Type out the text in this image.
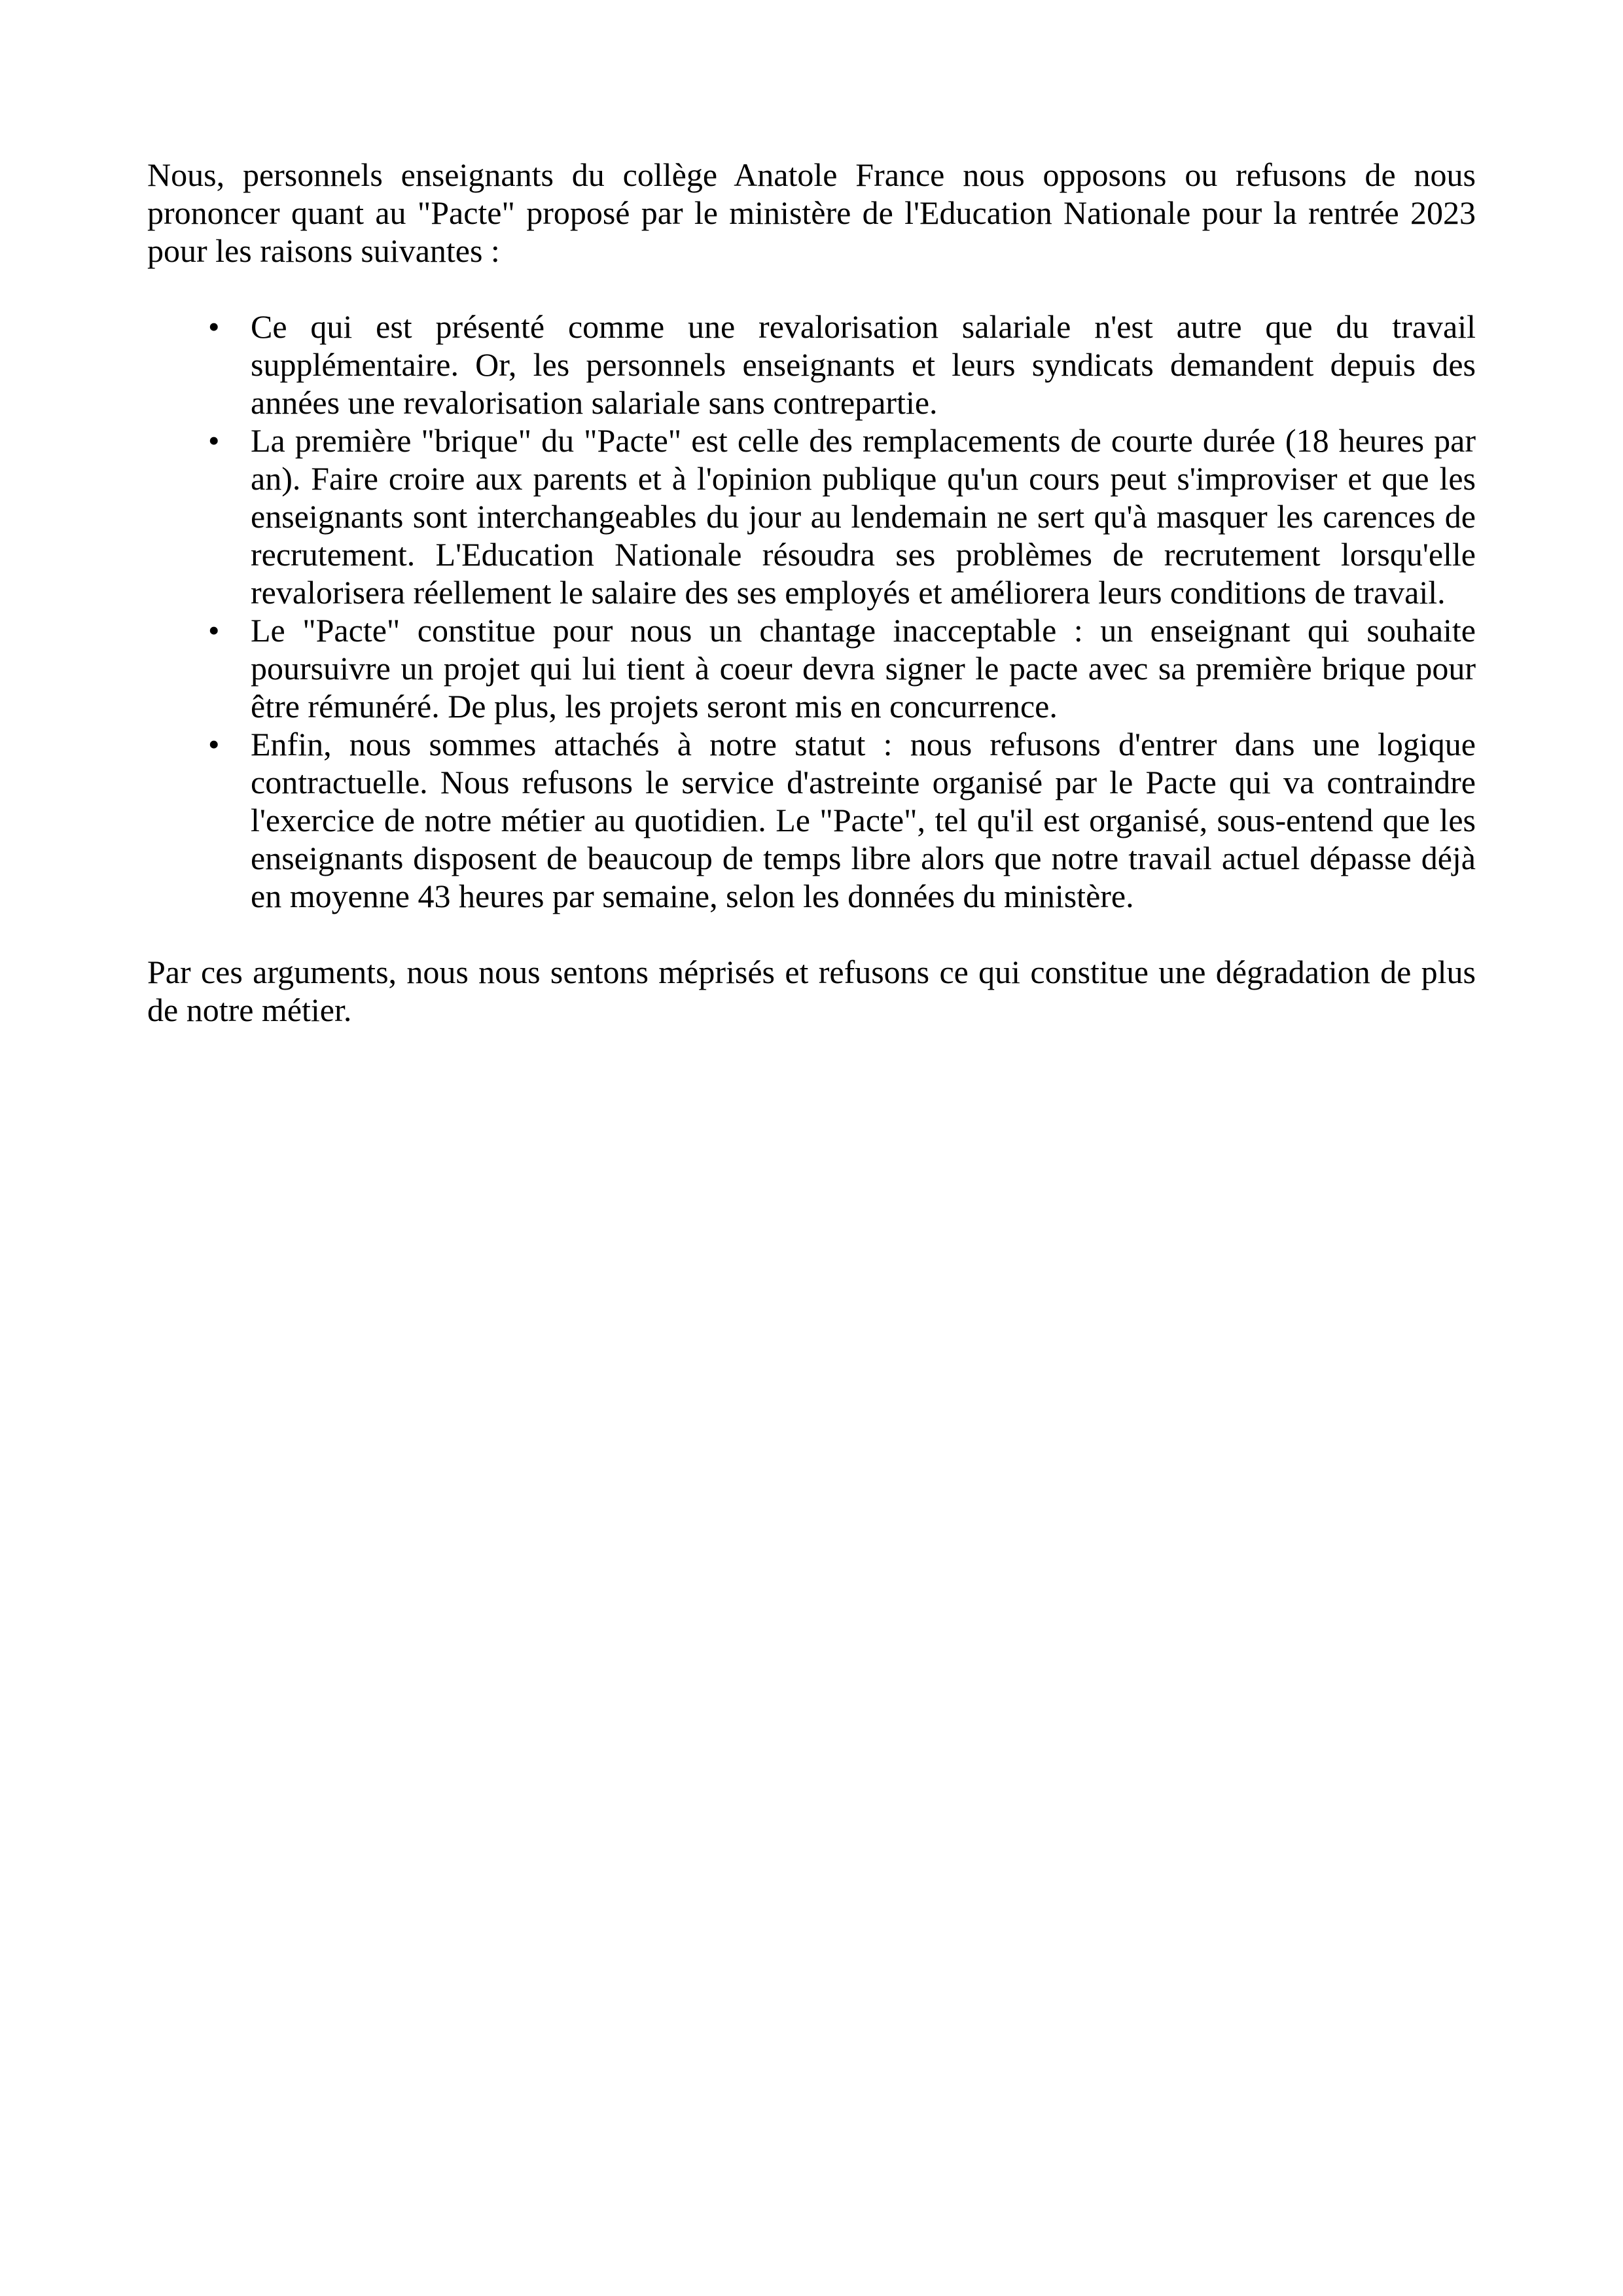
Nous, personnels enseignants du collège Anatole France nous opposons ou refusons de nous prononcer quant au "Pacte" proposé par le ministère de l'Education Nationale pour la rentrée 2023 pour les raisons suivantes :

• Ce qui est présenté comme une revalorisation salariale n'est autre que du travail supplémentaire. Or, les personnels enseignants et leurs syndicats demandent depuis des années une revalorisation salariale sans contrepartie.
• La première "brique" du "Pacte" est celle des remplacements de courte durée (18 heures par an). Faire croire aux parents et à l'opinion publique qu'un cours peut s'improviser et que les enseignants sont interchangeables du jour au lendemain ne sert qu'à masquer les carences de recrutement. L'Education Nationale résoudra ses problèmes de recrutement lorsqu'elle revalorisera réellement le salaire des ses employés et améliorera leurs conditions de travail.
• Le "Pacte" constitue pour nous un chantage inacceptable : un enseignant qui souhaite poursuivre un projet qui lui tient à coeur devra signer le pacte avec sa première brique pour être rémunéré. De plus, les projets seront mis en concurrence.
• Enfin, nous sommes attachés à notre statut : nous refusons d'entrer dans une logique contractuelle. Nous refusons le service d'astreinte organisé par le Pacte qui va contraindre l'exercice de notre métier au quotidien. Le "Pacte", tel qu'il est organisé, sous-entend que les enseignants disposent de beaucoup de temps libre alors que notre travail actuel dépasse déjà en moyenne 43 heures par semaine, selon les données du ministère.

Par ces arguments, nous nous sentons méprisés et refusons ce qui constitue une dégradation de plus de notre métier.
